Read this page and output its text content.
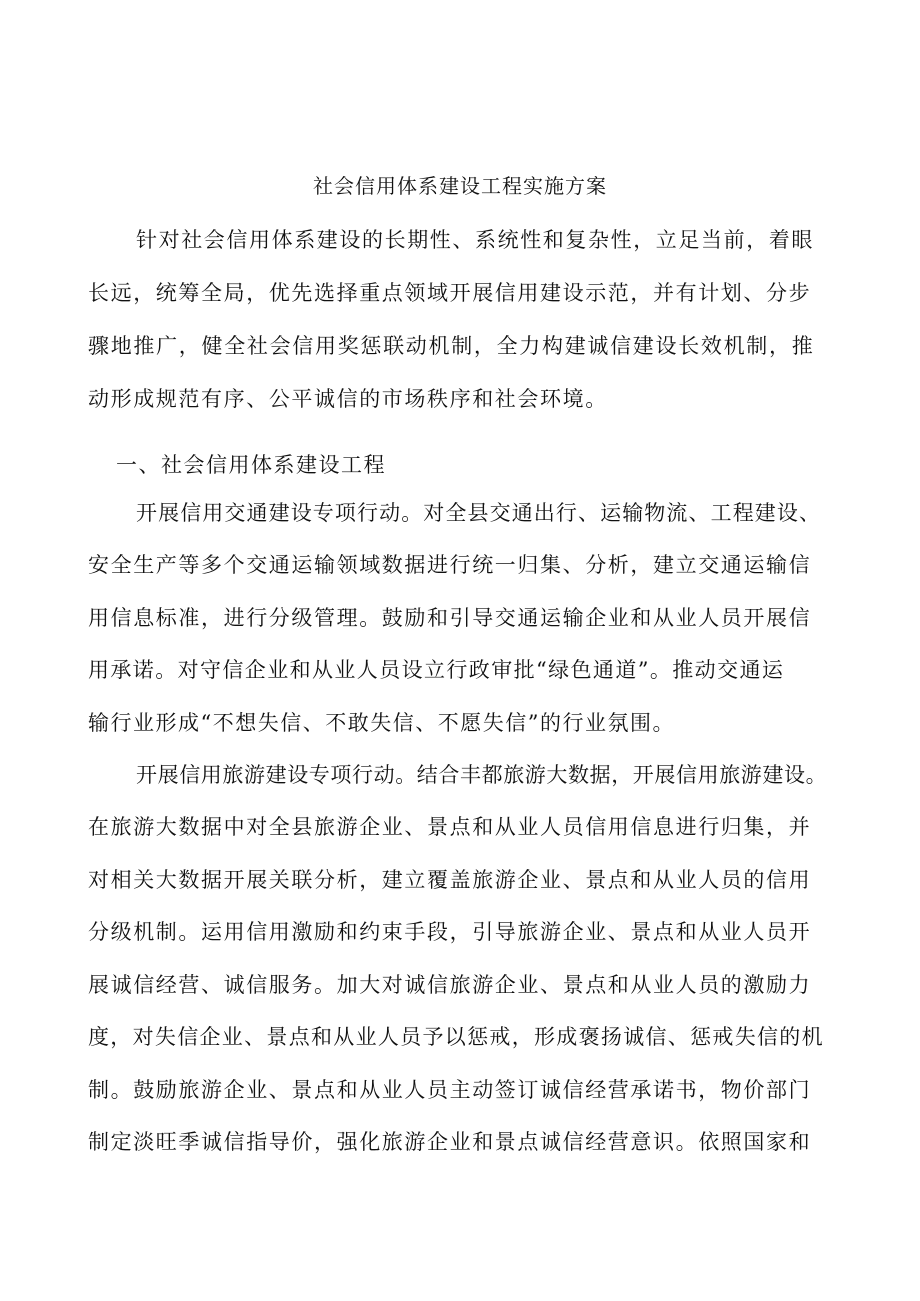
社会信用体系建设工程实施方案

针对社会信用体系建设的长期性、系统性和复杂性，立足当前，着眼

长远，统筹全局，优先选择重点领域开展信用建设示范，并有计划、分步

骤地推广，健全社会信用奖惩联动机制，全力构建诚信建设长效机制，推

动形成规范有序、公平诚信的市场秩序和社会环境。

一、社会信用体系建设工程

开展信用交通建设专项行动。对全县交通出行、运输物流、工程建设、

安全生产等多个交通运输领域数据进行统一归集、分析，建立交通运输信

用信息标准，进行分级管理。鼓励和引导交通运输企业和从业人员开展信

用承诺。对守信企业和从业人员设立行政审批“绿色通道”。推动交通运

输行业形成“不想失信、不敢失信、不愿失信”的行业氛围。

开展信用旅游建设专项行动。结合丰都旅游大数据，开展信用旅游建设。

在旅游大数据中对全县旅游企业、景点和从业人员信用信息进行归集，并

对相关大数据开展关联分析，建立覆盖旅游企业、景点和从业人员的信用

分级机制。运用信用激励和约束手段，引导旅游企业、景点和从业人员开

展诚信经营、诚信服务。加大对诚信旅游企业、景点和从业人员的激励力

度，对失信企业、景点和从业人员予以惩戒，形成褒扬诚信、惩戒失信的机

制。鼓励旅游企业、景点和从业人员主动签订诚信经营承诺书，物价部门

制定淡旺季诚信指导价，强化旅游企业和景点诚信经营意识。依照国家和
